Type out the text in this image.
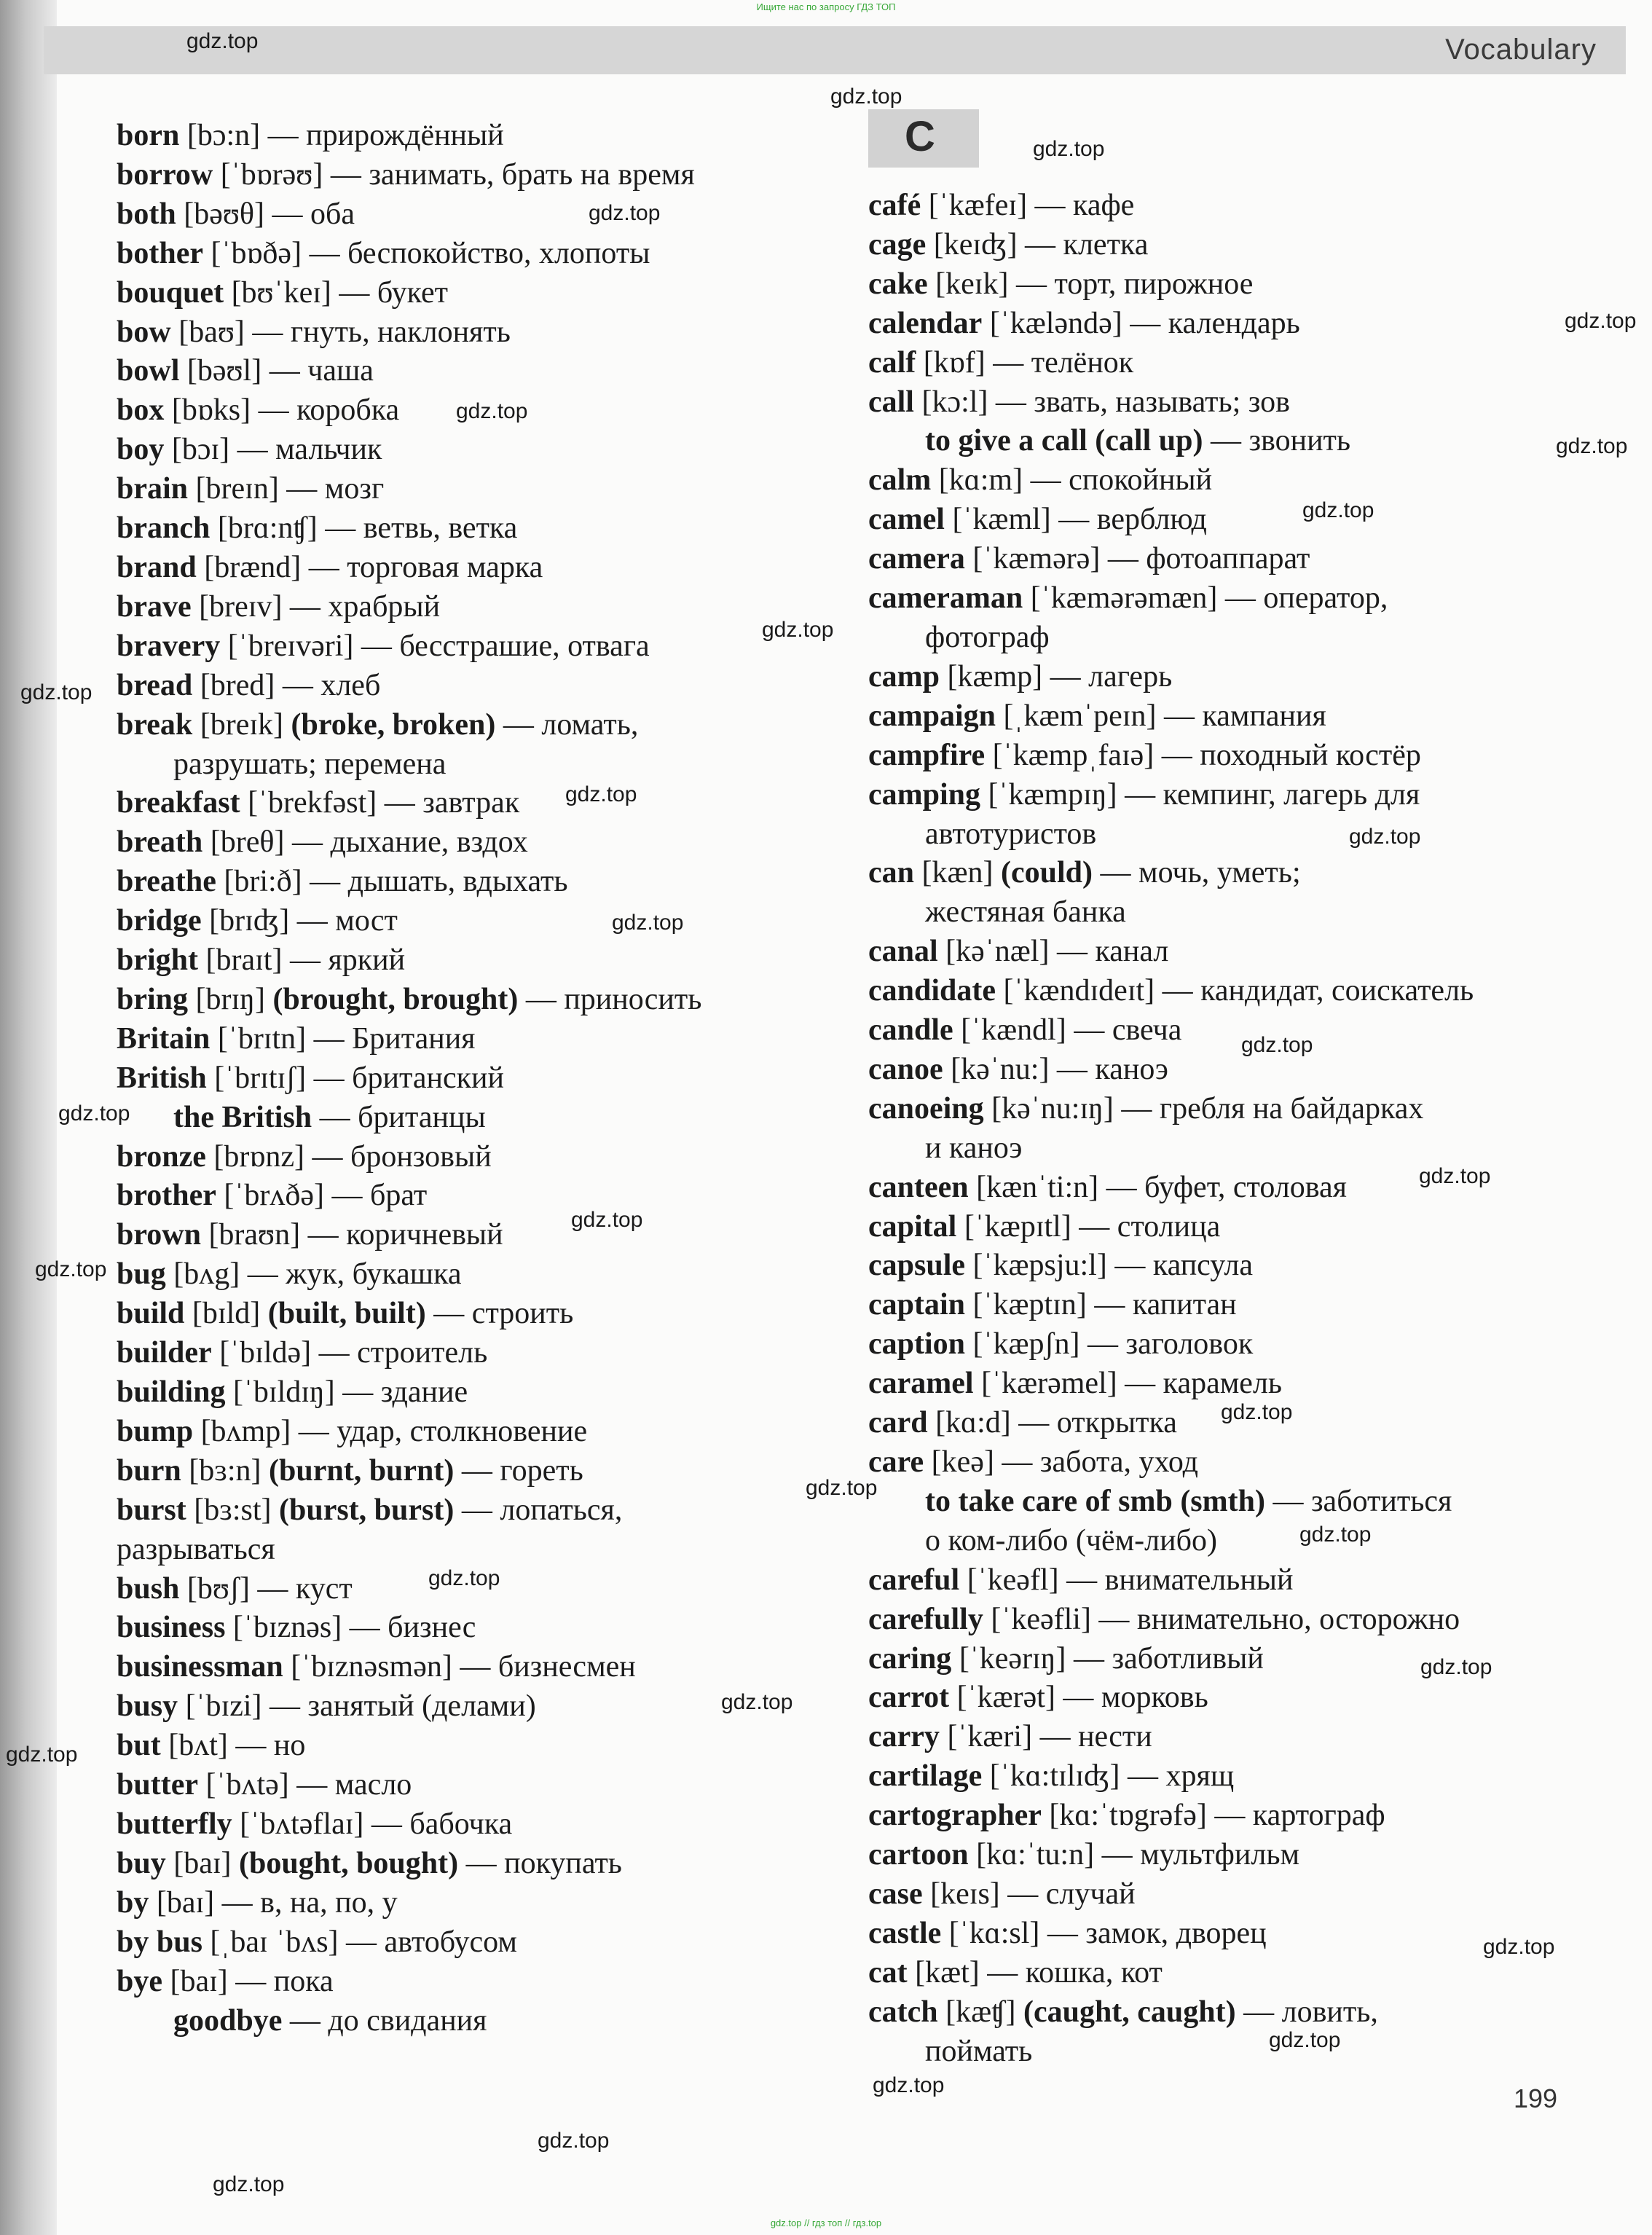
Ищите нас по запросу ГДЗ ТОП
Vocabulary
C
born [bɔ:n] — прирождённый
borrow [ˈbɒrəʊ] — занимать, брать на время
both [bəʊθ] — оба
bother [ˈbɒðə] — беспокойство, хлопоты
bouquet [bʊˈkeɪ] — букет
bow [baʊ] — гнуть, наклонять
bowl [bəʊl] — чаша
box [bɒks] — коробка
boy [bɔɪ] — мальчик
brain [breɪn] — мозг
branch [brɑ:nʧ] — ветвь, ветка
brand [brænd] — торговая марка
brave [breɪv] — храбрый
bravery [ˈbreɪvəri] — бесстрашие, отвага
bread [bred] — хлеб
break [breɪk] (broke, broken) — ломать,
разрушать; перемена
breakfast [ˈbrekfəst] — завтрак
breath [breθ] — дыхание, вздох
breathe [bri:ð] — дышать, вдыхать
bridge [brɪʤ] — мост
bright [braɪt] — яркий
bring [brɪŋ] (brought, brought) — приносить
Britain [ˈbrɪtn] — Британия
British [ˈbrɪtɪʃ] — британский
the British — британцы
bronze [brɒnz] — бронзовый
brother [ˈbrʌðə] — брат
brown [braʊn] — коричневый
bug [bʌg] — жук, букашка
build [bɪld] (built, built) — строить
builder [ˈbɪldə] — строитель
building [ˈbɪldɪŋ] — здание
bump [bʌmp] — удар, столкновение
burn [bɜ:n] (burnt, burnt) — гореть
burst [bɜ:st] (burst, burst) — лопаться,
разрываться
bush [bʊʃ] — куст
business [ˈbɪznəs] — бизнес
businessman [ˈbɪznəsmən] — бизнесмен
busy [ˈbɪzi] — занятый (делами)
but [bʌt] — но
butter [ˈbʌtə] — масло
butterfly [ˈbʌtəflaɪ] — бабочка
buy [baɪ] (bought, bought) — покупать
by [baɪ] — в, на, по, у
by bus [ˌbaɪ ˈbʌs] — автобусом
bye [baɪ] — пока
goodbye — до свидания
café [ˈkæfeɪ] — кафе
cage [keɪʤ] — клетка
cake [keɪk] — торт, пирожное
calendar [ˈkæləndə] — календарь
calf [kɒf] — телёнок
call [kɔ:l] — звать, называть; зов
to give a call (call up) — звонить
calm [kɑ:m] — спокойный
camel [ˈkæml] — верблюд
camera [ˈkæmərə] — фотоаппарат
cameraman [ˈkæmərəmæn] — оператор,
фотограф
camp [kæmp] — лагерь
campaign [ˌkæmˈpeɪn] — кампания
campfire [ˈkæmpˌfaɪə] — походный костёр
camping [ˈkæmpɪŋ] — кемпинг, лагерь для
автотуристов
can [kæn] (could) — мочь, уметь;
жестяная банка
canal [kəˈnæl] — канал
candidate [ˈkændɪdeɪt] — кандидат, соискатель
candle [ˈkændl] — свеча
canoe [kəˈnu:] — каноэ
canoeing [kəˈnu:ɪŋ] — гребля на байдарках
и каноэ
canteen [kænˈti:n] — буфет, столовая
capital [ˈkæpɪtl] — столица
capsule [ˈkæpsju:l] — капсула
captain [ˈkæptɪn] — капитан
caption [ˈkæpʃn] — заголовок
caramel [ˈkærəmel] — карамель
card [kɑ:d] — открытка
care [keə] — забота, уход
to take care of smb (smth) — заботиться
о ком-либо (чём-либо)
careful [ˈkeəfl] — внимательный
carefully [ˈkeəfli] — внимательно, осторожно
caring [ˈkeərɪŋ] — заботливый
carrot [ˈkærət] — морковь
carry [ˈkæri] — нести
cartilage [ˈkɑ:tɪlɪʤ] — хрящ
cartographer [kɑ:ˈtɒgrəfə] — картограф
cartoon [kɑ:ˈtu:n] — мультфильм
case [keɪs] — случай
castle [ˈkɑ:sl] — замок, дворец
cat [kæt] — кошка, кот
catch [kæʧ] (caught, caught) — ловить,
поймать
199
gdz.top // гдз топ // гдз.top
gdz.top
gdz.top
gdz.top
gdz.top
gdz.top
gdz.top
gdz.top
gdz.top
gdz.top
gdz.top
gdz.top
gdz.top
gdz.top
gdz.top
gdz.top
gdz.top
gdz.top
gdz.top
gdz.top
gdz.top
gdz.top
gdz.top
gdz.top
gdz.top
gdz.top
gdz.top
gdz.top
gdz.top
gdz.top
gdz.top
